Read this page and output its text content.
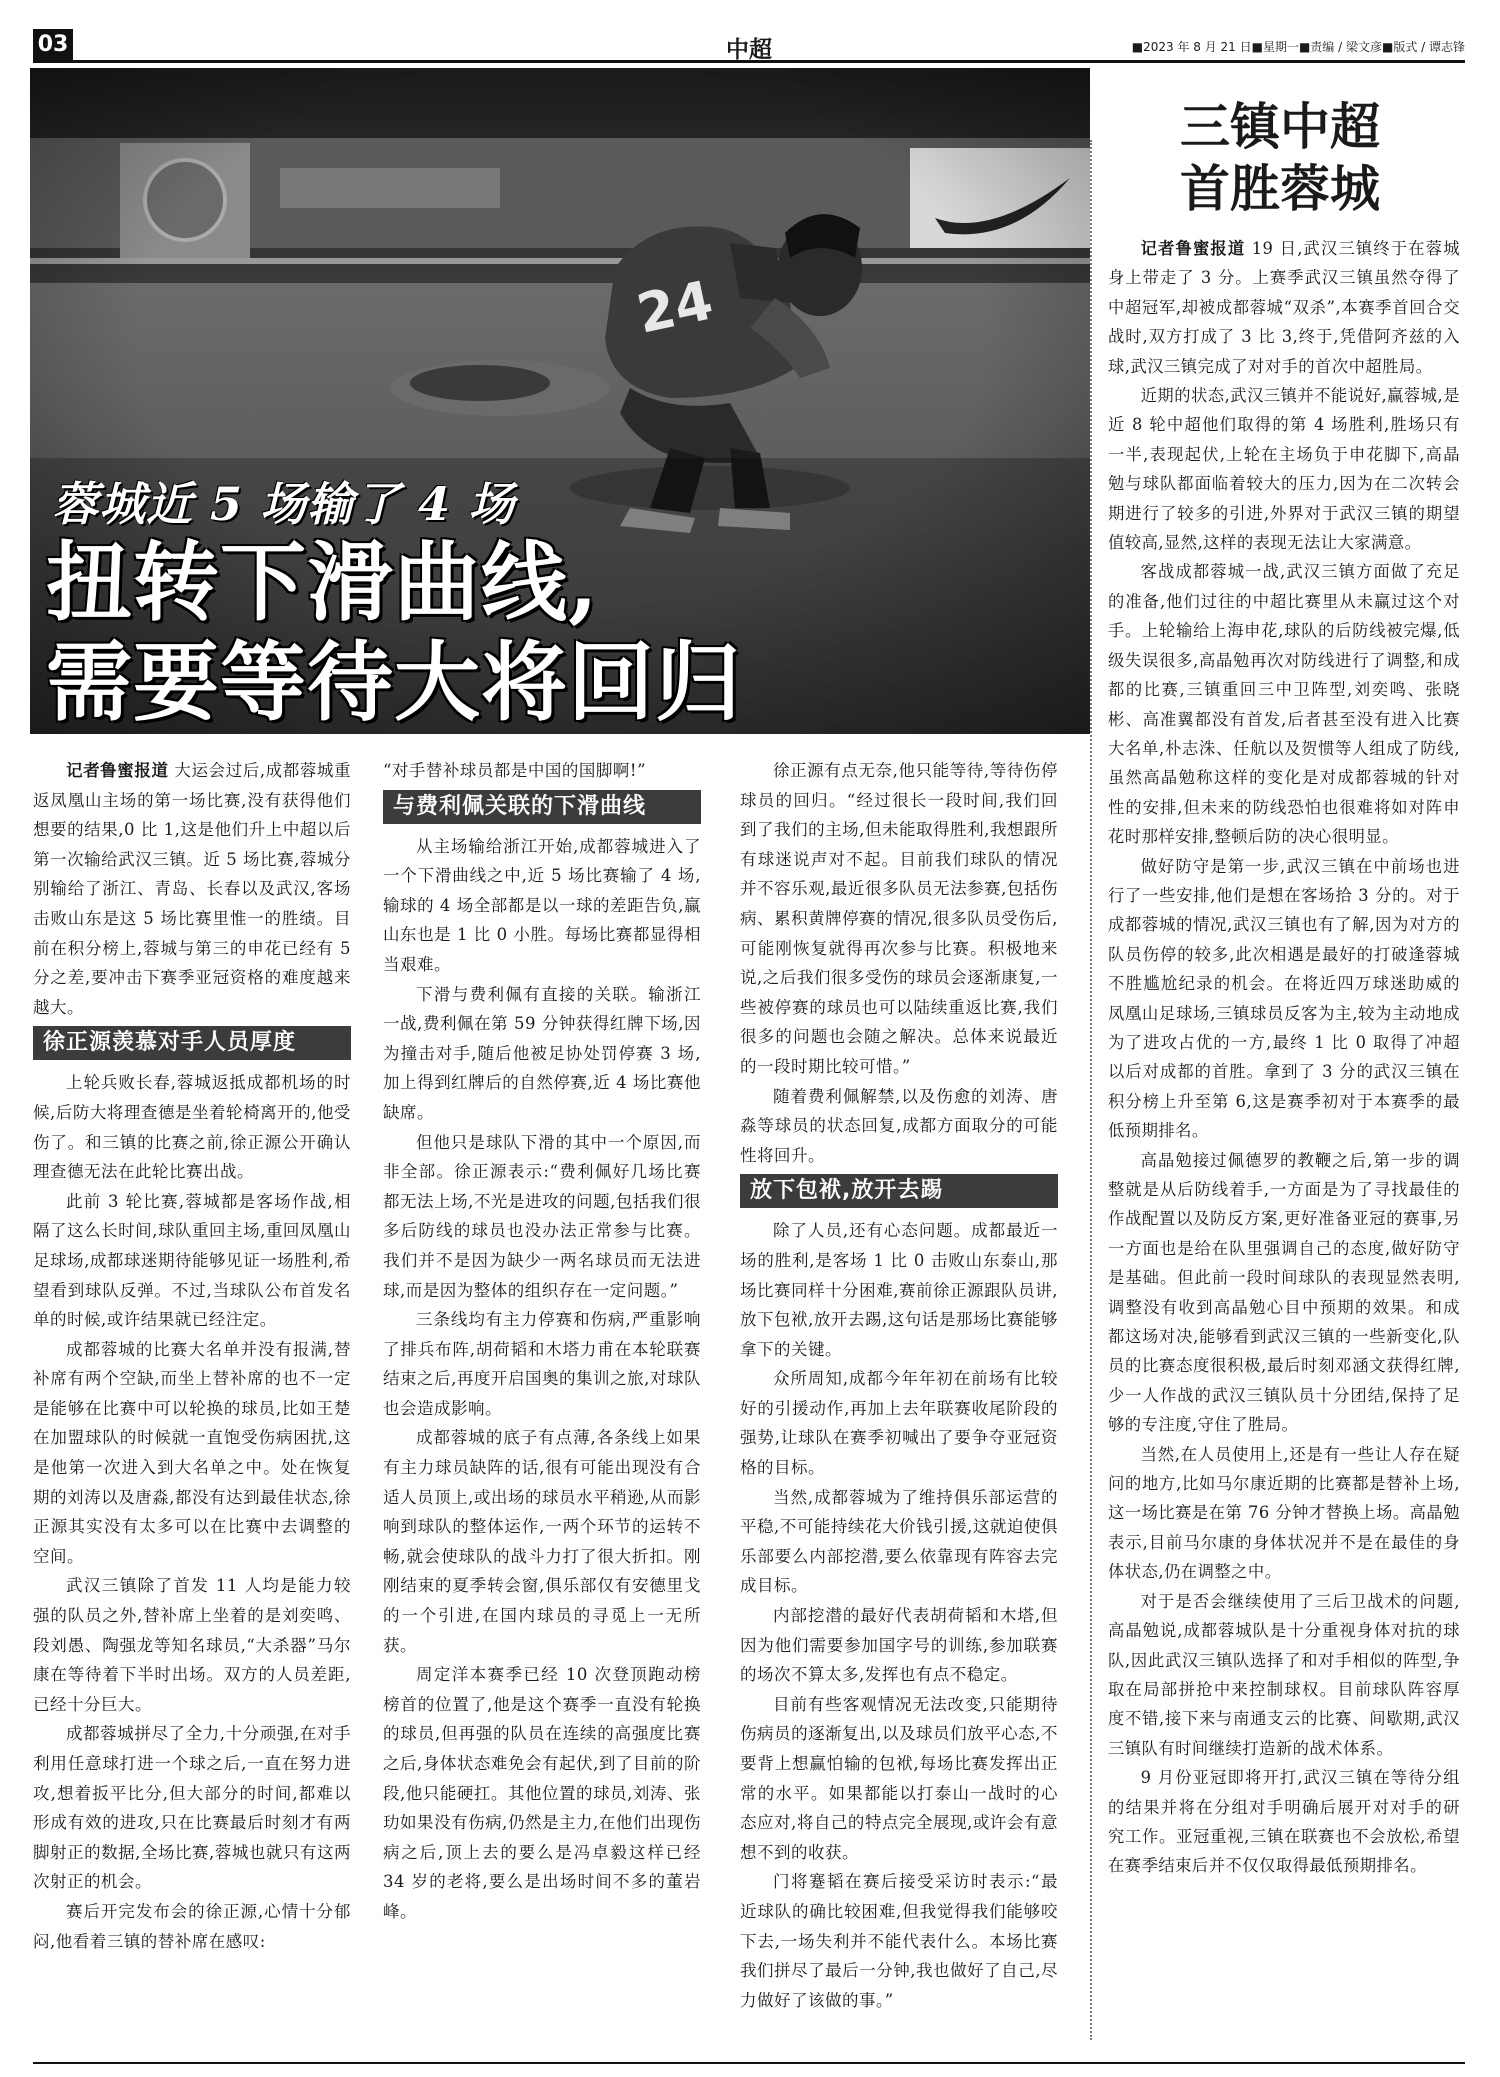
03	中超	■2023 年 8 月 21 日■星期一■责编 / 梁文彦■版式 / 谭志锋
蓉城近 5 场输了 4 场
扭转下滑曲线,
需要等待大将回归
三镇中超
首胜蓉城

记者鲁蜜报道 大运会过后,成都蓉城重返凤凰山主场的第一场比赛,没有获得他们想要的结果,0 比 1,这是他们升上中超以后第一次输给武汉三镇。近 5 场比赛,蓉城分别输给了浙江、青岛、长春以及武汉,客场击败山东是这 5 场比赛里惟一的胜绩。目前在积分榜上,蓉城与第三的申花已经有 5 分之差,要冲击下赛季亚冠资格的难度越来越大。

徐正源羡慕对手人员厚度

上轮兵败长春,蓉城返抵成都机场的时候,后防大将理查德是坐着轮椅离开的,他受伤了。和三镇的比赛之前,徐正源公开确认理查德无法在此轮比赛出战。

此前 3 轮比赛,蓉城都是客场作战,相隔了这么长时间,球队重回主场,重回凤凰山足球场,成都球迷期待能够见证一场胜利,希望看到球队反弹。不过,当球队公布首发名单的时候,或许结果就已经注定。

成都蓉城的比赛大名单并没有报满,替补席有两个空缺,而坐上替补席的也不一定是能够在比赛中可以轮换的球员,比如王楚在加盟球队的时候就一直饱受伤病困扰,这是他第一次进入到大名单之中。处在恢复期的刘涛以及唐淼,都没有达到最佳状态,徐正源其实没有太多可以在比赛中去调整的空间。

武汉三镇除了首发 11 人均是能力较强的队员之外,替补席上坐着的是刘奕鸣、段刘愚、陶强龙等知名球员,“大杀器”马尔康在等待着下半时出场。双方的人员差距,已经十分巨大。

成都蓉城拼尽了全力,十分顽强,在对手利用任意球打进一个球之后,一直在努力进攻,想着扳平比分,但大部分的时间,都难以形成有效的进攻,只在比赛最后时刻才有两脚射正的数据,全场比赛,蓉城也就只有这两次射正的机会。

赛后开完发布会的徐正源,心情十分郁闷,他看着三镇的替补席在感叹:

“对手替补球员都是中国的国脚啊!”

与费利佩关联的下滑曲线

从主场输给浙江开始,成都蓉城进入了一个下滑曲线之中,近 5 场比赛输了 4 场,输球的 4 场全部都是以一球的差距告负,赢山东也是 1 比 0 小胜。每场比赛都显得相当艰难。

下滑与费利佩有直接的关联。输浙江一战,费利佩在第 59 分钟获得红牌下场,因为撞击对手,随后他被足协处罚停赛 3 场,加上得到红牌后的自然停赛,近 4 场比赛他缺席。

但他只是球队下滑的其中一个原因,而非全部。徐正源表示:“费利佩好几场比赛都无法上场,不光是进攻的问题,包括我们很多后防线的球员也没办法正常参与比赛。我们并不是因为缺少一两名球员而无法进球,而是因为整体的组织存在一定问题。”

三条线均有主力停赛和伤病,严重影响了排兵布阵,胡荷韬和木塔力甫在本轮联赛结束之后,再度开启国奥的集训之旅,对球队也会造成影响。

成都蓉城的底子有点薄,各条线上如果有主力球员缺阵的话,很有可能出现没有合适人员顶上,或出场的球员水平稍逊,从而影响到球队的整体运作,一两个环节的运转不畅,就会使球队的战斗力打了很大折扣。刚刚结束的夏季转会窗,俱乐部仅有安德里戈的一个引进,在国内球员的寻觅上一无所获。

周定洋本赛季已经 10 次登顶跑动榜榜首的位置了,他是这个赛季一直没有轮换的球员,但再强的队员在连续的高强度比赛之后,身体状态难免会有起伏,到了目前的阶段,他只能硬扛。其他位置的球员,刘涛、张玏如果没有伤病,仍然是主力,在他们出现伤病之后,顶上去的要么是冯卓毅这样已经 34 岁的老将,要么是出场时间不多的董岩峰。

徐正源有点无奈,他只能等待,等待伤停球员的回归。“经过很长一段时间,我们回到了我们的主场,但未能取得胜利,我想跟所有球迷说声对不起。目前我们球队的情况并不容乐观,最近很多队员无法参赛,包括伤病、累积黄牌停赛的情况,很多队员受伤后,可能刚恢复就得再次参与比赛。积极地来说,之后我们很多受伤的球员会逐渐康复,一些被停赛的球员也可以陆续重返比赛,我们很多的问题也会随之解决。总体来说最近的一段时期比较可惜。”

随着费利佩解禁,以及伤愈的刘涛、唐淼等球员的状态回复,成都方面取分的可能性将回升。

放下包袱,放开去踢

除了人员,还有心态问题。成都最近一场的胜利,是客场 1 比 0 击败山东泰山,那场比赛同样十分困难,赛前徐正源跟队员讲,放下包袱,放开去踢,这句话是那场比赛能够拿下的关键。

众所周知,成都今年年初在前场有比较好的引援动作,再加上去年联赛收尾阶段的强势,让球队在赛季初喊出了要争夺亚冠资格的目标。

当然,成都蓉城为了维持俱乐部运营的平稳,不可能持续花大价钱引援,这就迫使俱乐部要么内部挖潜,要么依靠现有阵容去完成目标。

内部挖潜的最好代表胡荷韬和木塔,但因为他们需要参加国字号的训练,参加联赛的场次不算太多,发挥也有点不稳定。

目前有些客观情况无法改变,只能期待伤病员的逐渐复出,以及球员们放平心态,不要背上想赢怕输的包袱,每场比赛发挥出正常的水平。如果都能以打泰山一战时的心态应对,将自己的特点完全展现,或许会有意想不到的收获。

门将蹇韬在赛后接受采访时表示:“最近球队的确比较困难,但我觉得我们能够咬下去,一场失利并不能代表什么。本场比赛我们拼尽了最后一分钟,我也做好了自己,尽力做好了该做的事。”

记者鲁蜜报道 19 日,武汉三镇终于在蓉城身上带走了 3 分。上赛季武汉三镇虽然夺得了中超冠军,却被成都蓉城“双杀”,本赛季首回合交战时,双方打成了 3 比 3,终于,凭借阿齐兹的入球,武汉三镇完成了对对手的首次中超胜局。

近期的状态,武汉三镇并不能说好,赢蓉城,是近 8 轮中超他们取得的第 4 场胜利,胜场只有一半,表现起伏,上轮在主场负于申花脚下,高晶勉与球队都面临着较大的压力,因为在二次转会期进行了较多的引进,外界对于武汉三镇的期望值较高,显然,这样的表现无法让大家满意。

客战成都蓉城一战,武汉三镇方面做了充足的准备,他们过往的中超比赛里从未赢过这个对手。上轮输给上海申花,球队的后防线被完爆,低级失误很多,高晶勉再次对防线进行了调整,和成都的比赛,三镇重回三中卫阵型,刘奕鸣、张晓彬、高准翼都没有首发,后者甚至没有进入比赛大名单,朴志洙、任航以及贺惯等人组成了防线,虽然高晶勉称这样的变化是对成都蓉城的针对性的安排,但未来的防线恐怕也很难将如对阵申花时那样安排,整顿后防的决心很明显。

做好防守是第一步,武汉三镇在中前场也进行了一些安排,他们是想在客场拾 3 分的。对于成都蓉城的情况,武汉三镇也有了解,因为对方的队员伤停的较多,此次相遇是最好的打破逢蓉城不胜尴尬纪录的机会。在将近四万球迷助威的凤凰山足球场,三镇球员反客为主,较为主动地成为了进攻占优的一方,最终 1 比 0 取得了冲超以后对成都的首胜。拿到了 3 分的武汉三镇在积分榜上升至第 6,这是赛季初对于本赛季的最低预期排名。

高晶勉接过佩德罗的教鞭之后,第一步的调整就是从后防线着手,一方面是为了寻找最佳的作战配置以及防反方案,更好准备亚冠的赛事,另一方面也是给在队里强调自己的态度,做好防守是基础。但此前一段时间球队的表现显然表明,调整没有收到高晶勉心目中预期的效果。和成都这场对决,能够看到武汉三镇的一些新变化,队员的比赛态度很积极,最后时刻邓涵文获得红牌,少一人作战的武汉三镇队员十分团结,保持了足够的专注度,守住了胜局。

当然,在人员使用上,还是有一些让人存在疑问的地方,比如马尔康近期的比赛都是替补上场,这一场比赛是在第 76 分钟才替换上场。高晶勉表示,目前马尔康的身体状况并不是在最佳的身体状态,仍在调整之中。

对于是否会继续使用了三后卫战术的问题,高晶勉说,成都蓉城队是十分重视身体对抗的球队,因此武汉三镇队选择了和对手相似的阵型,争取在局部拼抢中来控制球权。目前球队阵容厚度不错,接下来与南通支云的比赛、间歇期,武汉三镇队有时间继续打造新的战术体系。

9 月份亚冠即将开打,武汉三镇在等待分组的结果并将在分组对手明确后展开对对手的研究工作。亚冠重视,三镇在联赛也不会放松,希望在赛季结束后并不仅仅取得最低预期排名。
